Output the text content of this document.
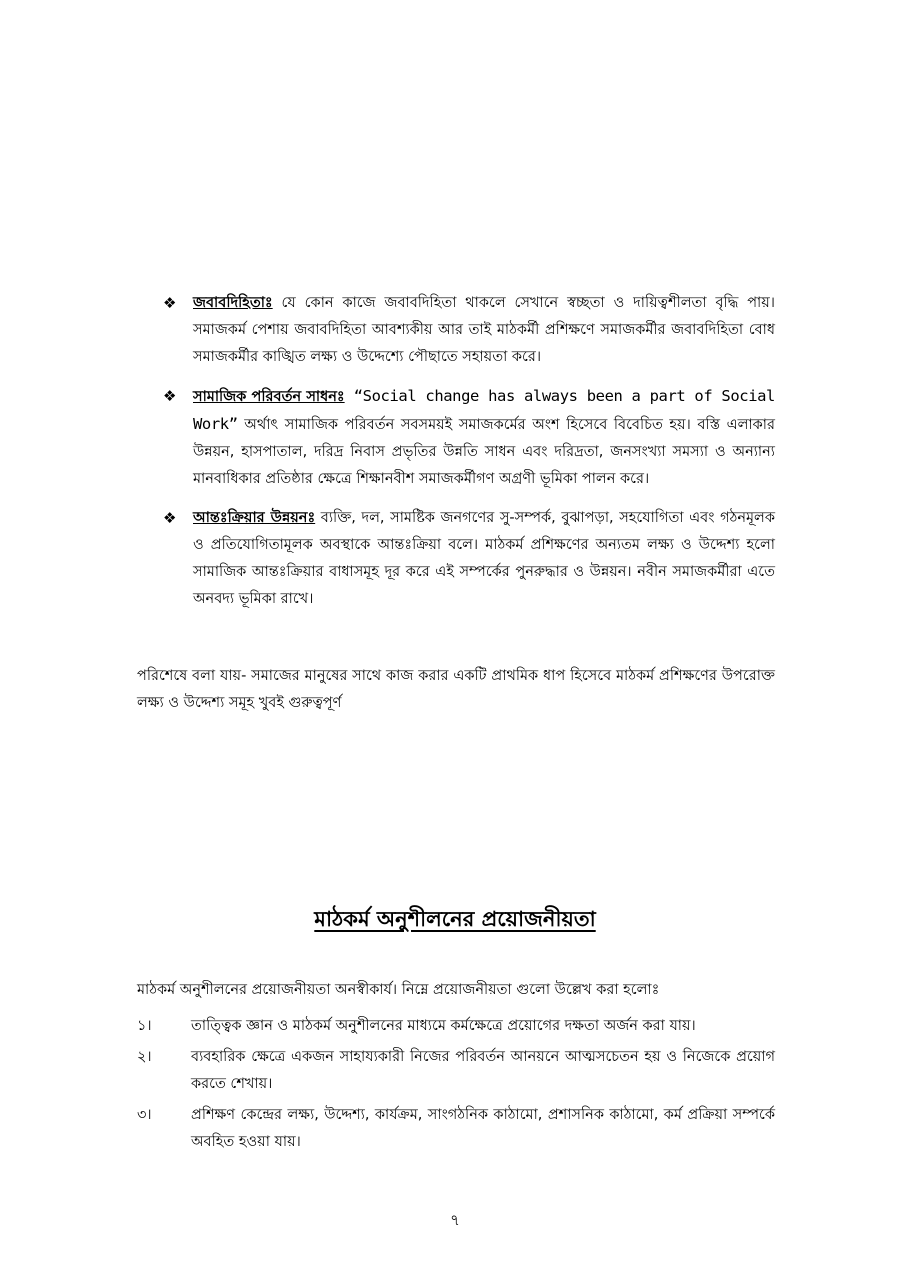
❖	জবাবদিহিতাঃ যে কোন কাজে জবাবদিহিতা থাকলে সেখানে স্বচ্ছতা ও দায়িত্বশীলতা বৃদ্ধি পায়। সমাজকর্ম পেশায় জবাবদিহিতা আবশ্যকীয় আর তাই মাঠকর্মী প্রশিক্ষণে সমাজকর্মীর জবাবদিহিতা বোধ সমাজকর্মীর কাঙ্খিত লক্ষ্য ও উদ্দেশ্যে পৌছাতে সহায়তা করে।
❖	সামাজিক পরিবর্তন সাধনঃ “Social change has always been a part of Social Work” অর্থাৎ সামাজিক পরিবর্তন সবসময়ই সমাজকর্মের অংশ হিসেবে বিবেচিত হয়। বস্তি এলাকার উন্নয়ন, হাসপাতাল, দরিদ্র নিবাস প্রভৃতির উন্নতি সাধন এবং দরিদ্রতা, জনসংখ্যা সমস্যা ও অন্যান্য মানবাধিকার প্রতিষ্ঠার ক্ষেত্রে শিক্ষানবীশ সমাজকর্মীগণ অগ্রণী ভূমিকা পালন করে।
❖	আন্তঃক্রিয়ার উন্নয়নঃ ব্যক্তি, দল, সামষ্টিক জনগণের সু-সম্পর্ক, বুঝাপড়া, সহযোগিতা এবং গঠনমূলক ও প্রতিযোগিতামূলক অবস্থাকে আন্তঃক্রিয়া বলে। মাঠকর্ম প্রশিক্ষণের অন্যতম লক্ষ্য ও উদ্দেশ্য হলো সামাজিক আন্তঃক্রিয়ার বাধাসমূহ দূর করে এই সম্পর্কের পুনরুদ্ধার ও উন্নয়ন। নবীন সমাজকর্মীরা এতে অনবদ্য ভূমিকা রাখে।
পরিশেষে বলা যায়- সমাজের মানুষের সাথে কাজ করার একটি প্রাথমিক ধাপ হিসেবে মাঠকর্ম প্রশিক্ষণের উপরোক্ত লক্ষ্য ও উদ্দেশ্য সমূহ খুবই গুরুত্বপূর্ণ
মাঠকর্ম অনুশীলনের প্রয়োজনীয়তা
মাঠকর্ম অনুশীলনের প্রয়োজনীয়তা অনস্বীকার্য। নিম্নে প্রয়োজনীয়তা গুলো উল্লেখ করা হলোঃ
১।	তাত্ত্বিক জ্ঞান ও মাঠকর্ম অনুশীলনের মাধ্যমে কর্মক্ষেত্রে প্রয়োগের দক্ষতা অর্জন করা যায়।
২।	ব্যবহারিক ক্ষেত্রে একজন সাহায্যকারী নিজের পরিবর্তন আনয়নে আত্মসচেতন হয় ও নিজেকে প্রয়োগ করতে শেখায়।
৩।	প্রশিক্ষণ কেন্দ্রের লক্ষ্য, উদ্দেশ্য, কার্যক্রম, সাংগঠনিক কাঠামো, প্রশাসনিক কাঠামো, কর্ম প্রক্রিয়া সম্পর্কে অবহিত হওয়া যায়।
৭
